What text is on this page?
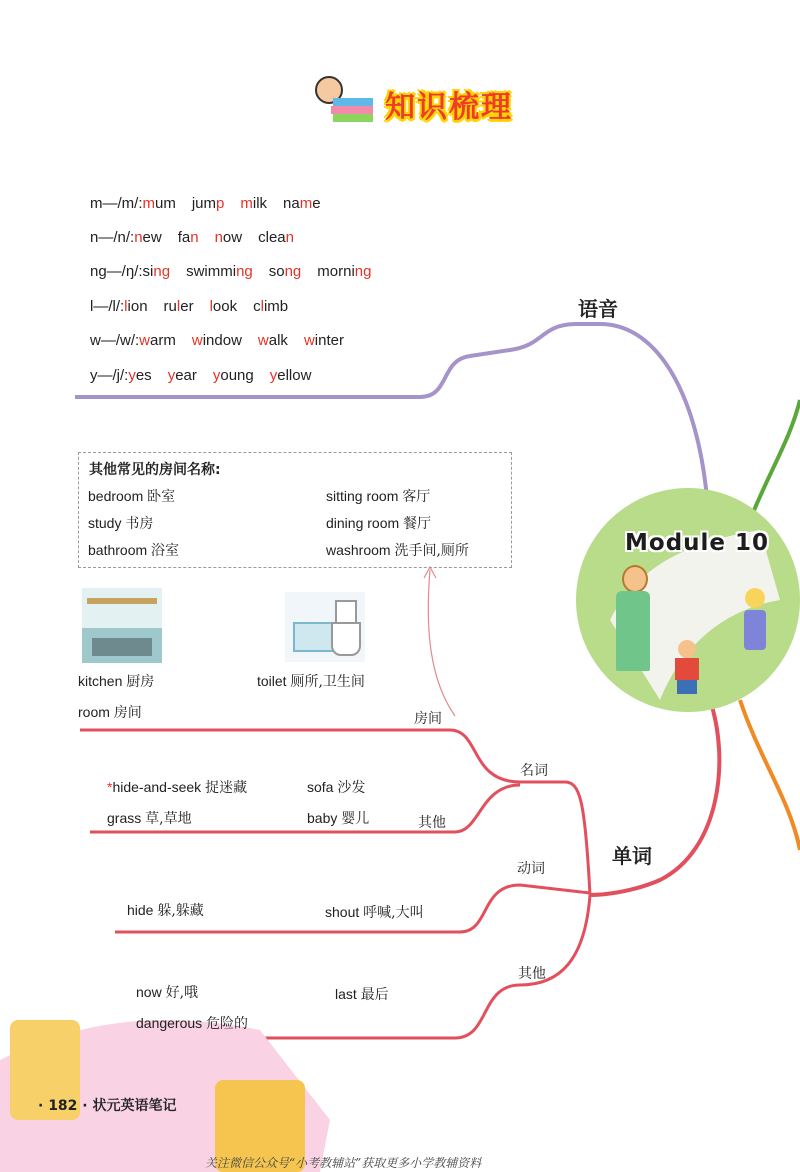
知识梳理
m—/m/:mum jump milk name
n—/n/:new fan now clean
ng—/ŋ/:sing swimming song morning
l—/l/:lion ruler look climb
w—/w/:warm window walk winter
y—/j/:yes year young yellow
语音
其他常见的房间名称:
bedroom 卧室	sitting room 客厅
study 书房	dining room 餐厅
bathroom 浴室	washroom 洗手间,厕所
kitchen 厨房	toilet 厕所,卫生间
room 房间	房间
名词
*hide-and-seek 捉迷藏	sofa 沙发
grass 草,草地	baby 婴儿	其他
单词
动词
hide 躲,躲藏	shout 呼喊,大叫
其他
now 好,哦	last 最后
dangerous 危险的
Module 10
· 182 · 状元英语笔记
关注微信公众号“小考教辅站”获取更多小学教辅资料
